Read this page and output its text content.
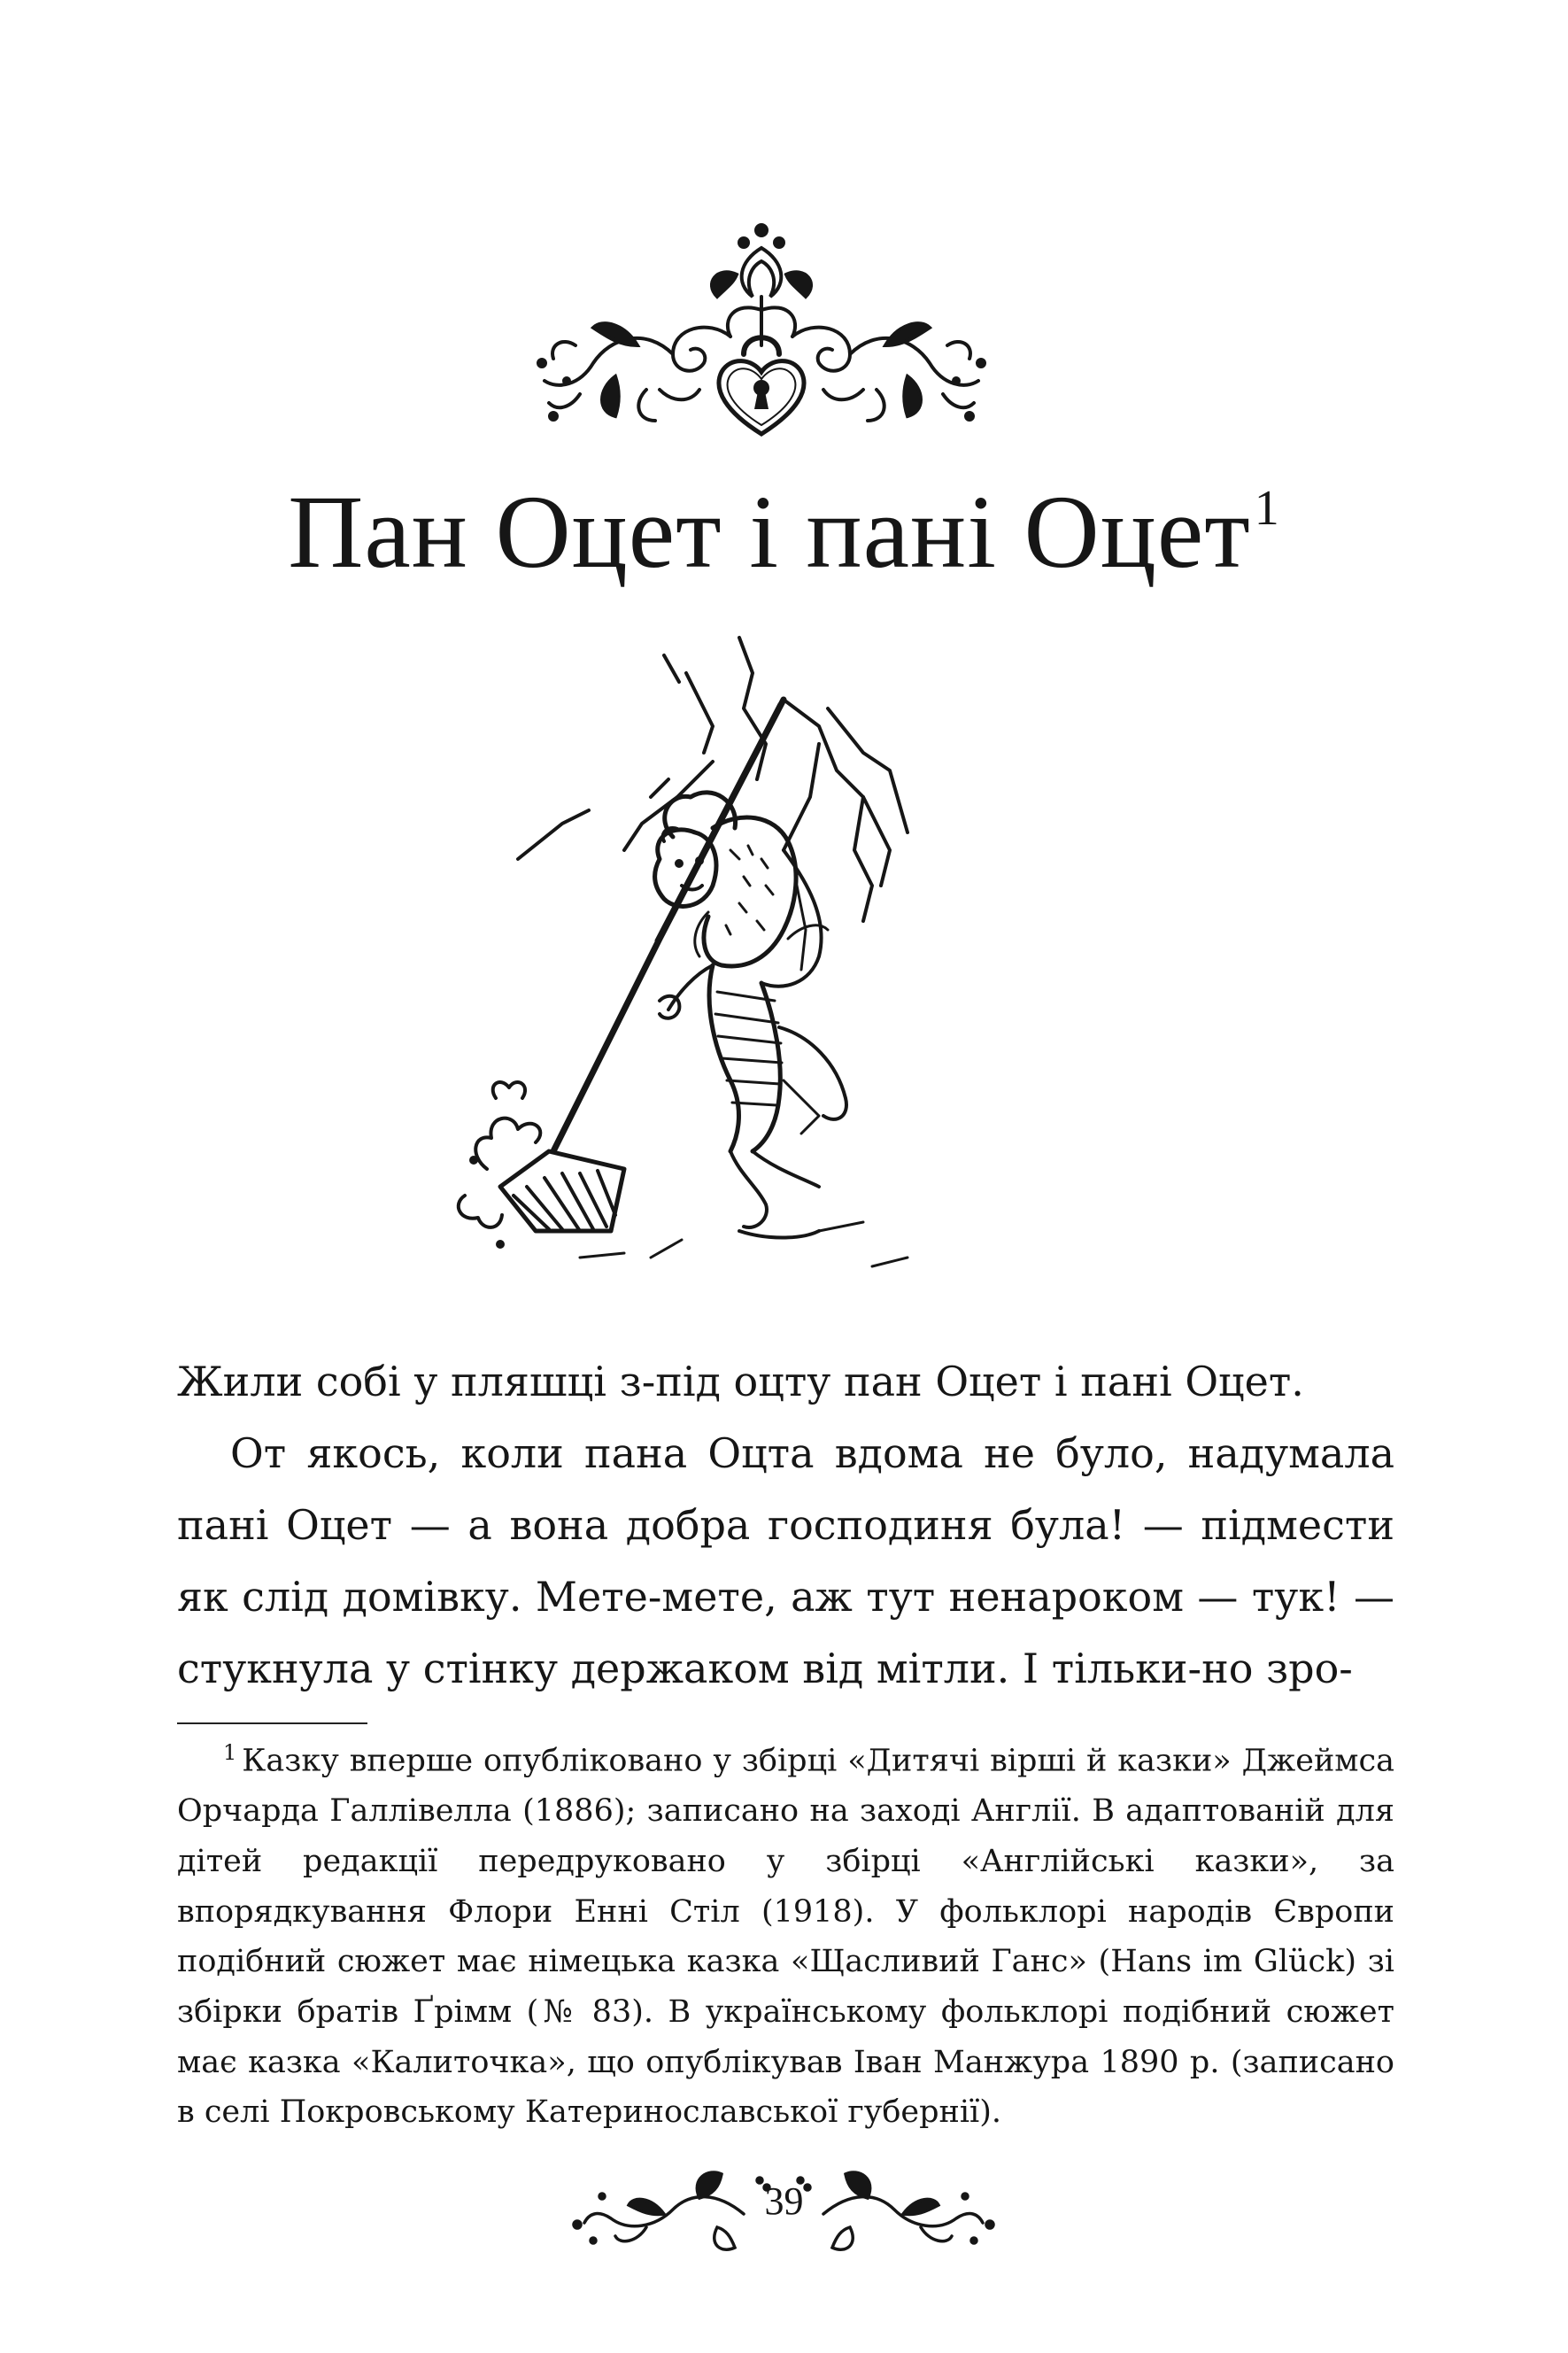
Пан Оцет і пані Оцет$^1$

Жили собі у пляшці з-під оцту пан Оцет і пані Оцет.

От якось, коли пана Оцта вдома не було, надумала пані Оцет — а вона добра господиня була! — підмести як слід домівку. Мете-мете, аж тут ненароком — тук! — стукнула у стінку держаком від мітли. І тільки-но зро-

$^1$ Казку вперше опубліковано у збірці «Дитячі вірші й казки» Джеймса Орчарда Галлівелла (1886); записано на заході Англії. В адаптованій для дітей редакції передруковано у збірці «Англійські казки», за впорядкування Флори Енні Стіл (1918). У фольклорі народів Європи подібний сюжет має німецька казка «Щасливий Ганс» (Hans im Glück) зі збірки братів Ґрімм (№ 83). В українському фольклорі подібний сюжет має казка «Калиточка», що опублікував Іван Манжура 1890 р. (записано в селі Покровському Катеринославської губернії).

39
